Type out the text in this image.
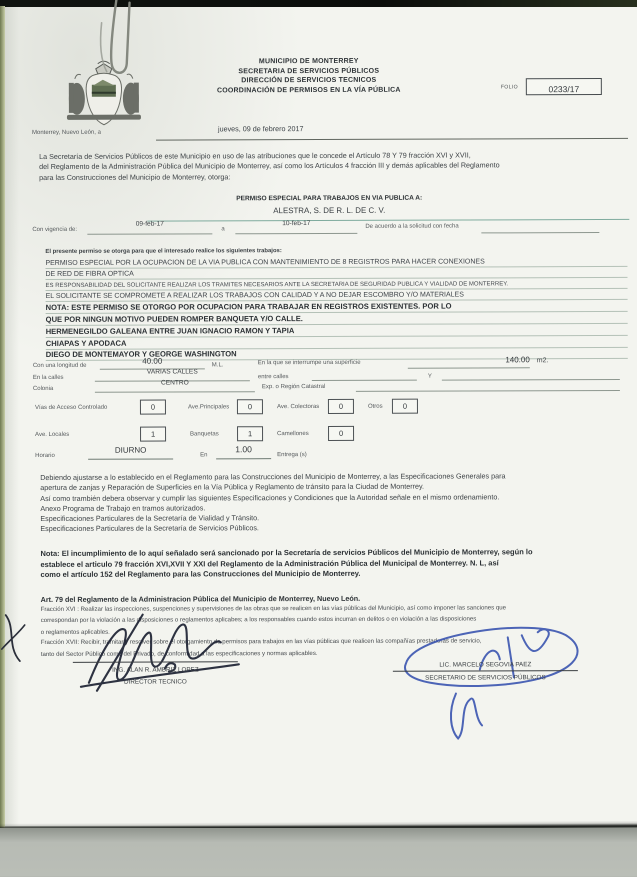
MUNICIPIO DE MONTERREY
SECRETARIA DE SERVICIOS PÚBLICOS
DIRECCIÓN DE SERVICIOS TECNICOS
COORDINACIÓN DE PERMISOS EN LA VÍA PÚBLICA	FOLIO	0233/17
Monterrey, Nuevo León, a	jueves, 09 de febrero 2017
La Secretaría de Servicios Públicos de este Municipio en uso de las atribuciones que le concede el Artículo 78 Y 79 fracción XVI y XVII,
del Reglamento de la Administración Pública del Municipio de Monterrey, así como los Artículos 4 fracción III y demás aplicables del Reglamento
para las Construcciones del Municipio de Monterrey, otorga:
PERMISO ESPECIAL PARA TRABAJOS EN VIA PUBLICA A:
ALESTRA, S. DE R. L. DE C. V.
Con vigencia de:
09-feb-17
a
10-feb-17	De acuerdo a la solicitud con fecha
El presente permiso se otorga para que el interesado realice los siguientes trabajos:
PERMISO ESPECIAL POR LA OCUPACION DE LA VIA PUBLICA CON MANTENIMIENTO DE 8 REGISTROS PARA HACER CONEXIONES
DE RED DE FIBRA OPTICA
ES RESPONSABILIDAD DEL SOLICITANTE REALIZAR LOS TRAMITES NECESARIOS ANTE LA SECRETARIA DE SEGURIDAD PUBLICA Y VIALIDAD DE MONTERREY.
EL SOLICITANTE SE COMPROMETE A REALIZAR LOS TRABAJOS CON CALIDAD Y A NO DEJAR ESCOMBRO Y/O MATERIALES
NOTA: ESTE PERMISO SE OTORGO POR OCUPACION PARA TRABAJAR EN REGISTROS EXISTENTES. POR LO
QUE POR NINGUN MOTIVO PUEDEN ROMPER BANQUETA Y/O CALLE.
HERMENEGILDO GALEANA ENTRE JUAN IGNACIO RAMON Y TAPIA
CHIAPAS Y APODACA
DIEGO DE MONTEMAYOR Y GEORGE WASHINGTON
Con una longitud de
40.00	M.L.	En la que se interrumpe una superficie	140.00 m2.
En la calles
VARIAS CALLES
entre calles	Y
Colonia
CENTRO
Exp. o Región Catastral
Vías de Acceso Controlado	0	Ave.Principales	0	Ave. Colectoras	0	Otros	0
Ave. Locales	1	Banquetas	1	Camellones	0
Horario
DIURNO
En
1.00
Entrega (s)
Debiendo ajustarse a lo establecido en el Reglamento para las Construcciones del Municipio de Monterrey, a las Especificaciones Generales para
apertura de zanjas y Reparación de Superficies en la Vía Pública y Reglamento de tránsito para la Ciudad de Monterrey.
Así como trambién debera observar y cumplir las siguientes Especificaciones y Condiciones que la Autoridad señale en el mismo ordenamiento.
Anexo Programa de Trabajo en tramos autorizados.
Especificaciones Particulares de la Secretaría de Vialidad y Tránsito.
Especificaciones Particulares de la Secretaría de Servicios Públicos.
Nota: El incumplimiento de lo aquí señalado será sancionado por la Secretaría de servicios Públicos del Municipio de Monterrey, según lo
establece el articulo 79 fracción XVI,XVII Y XXI del Reglamento de la Administración Pública del Municipal de Monterrey. N. L, así
como el artículo 152 del Reglamento para las Construcciones del Municipio de Monterrey.
Art. 79 del Reglamento de la Administracion Pública del Municipio de Monterrey, Nuevo León.
Fracción XVI : Realizar las inspecciones, suspenciones y supervisiones de las obras que se realicen en las vías públicas del Municipio, así como imponer las sanciones que
correspondan por la violación a las disposiciones o reglamentos aplicabes; a los responsables cuando estos incurran en delitos o en violación a las disposiciones
o reglamentos aplicables.
Fracción XVII: Recibir, tramitar y resolver sobre el otorgamiento de permisos para trabajos en las vías públicas que realicen las compañías prestadoras de servicio,
tanto del Sector Público como del Privado, de conformidad a las especificaciones y normas aplicables.
ING. ALAN R. AMBRIZ LOPEZ
DIRECTOR TECNICO
LIC. MARCELO SEGOVIA PAEZ
SECRETARIO DE SERVICIOS PÚBLICOS
